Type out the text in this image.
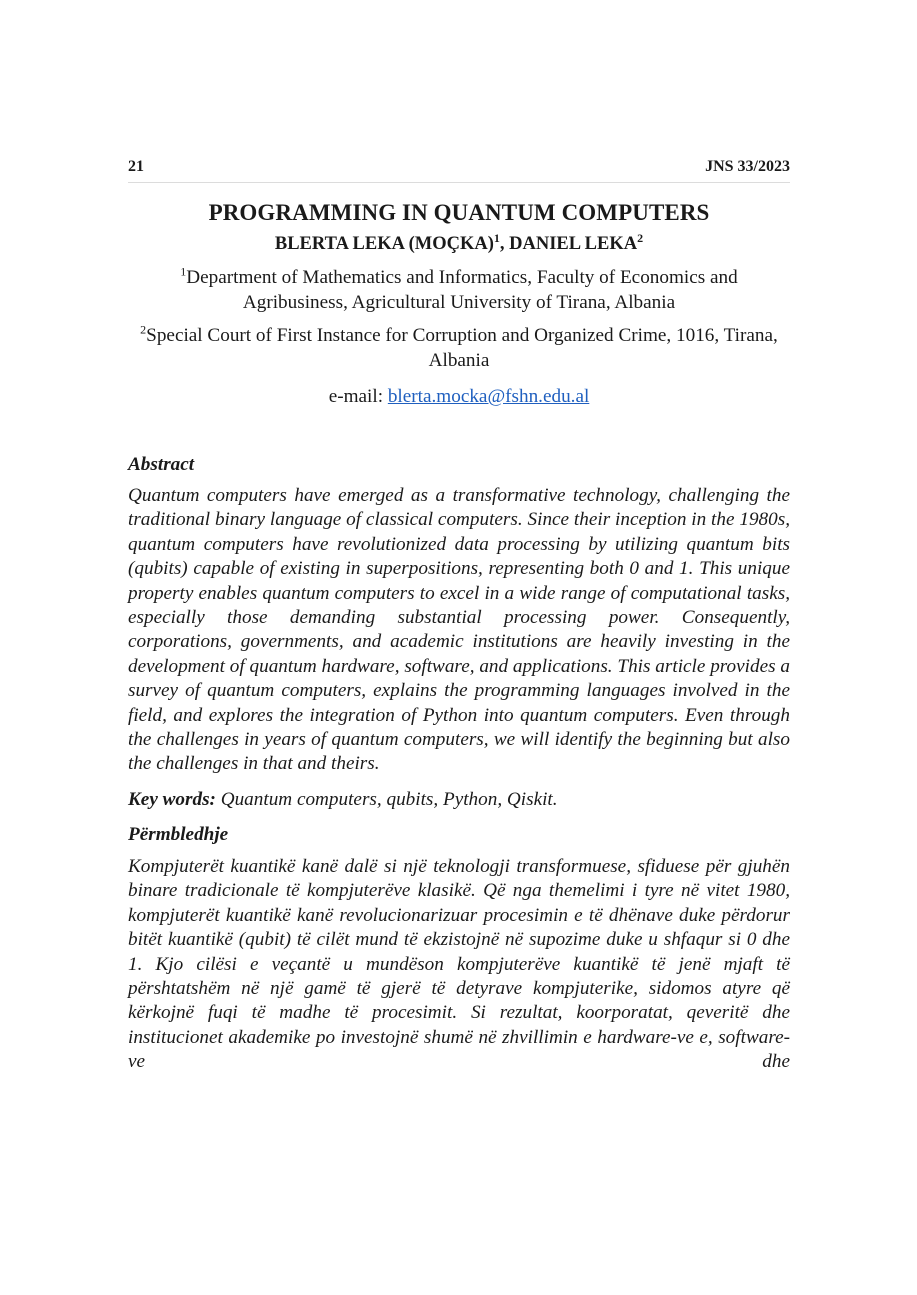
21	JNS 33/2023
PROGRAMMING IN QUANTUM COMPUTERS
BLERTA LEKA (MOÇKA)$^1$, DANIEL LEKA$^2$
$^1$Department of Mathematics and Informatics, Faculty of Economics and Agribusiness, Agricultural University of Tirana, Albania
$^2$Special Court of First Instance for Corruption and Organized Crime, 1016, Tirana, Albania
e-mail: blerta.mocka@fshn.edu.al
Abstract
Quantum computers have emerged as a transformative technology, challenging the traditional binary language of classical computers. Since their inception in the 1980s, quantum computers have revolutionized data processing by utilizing quantum bits (qubits) capable of existing in superpositions, representing both 0 and 1. This unique property enables quantum computers to excel in a wide range of computational tasks, especially those demanding substantial processing power. Consequently, corporations, governments, and academic institutions are heavily investing in the development of quantum hardware, software, and applications. This article provides a survey of quantum computers, explains the programming languages involved in the field, and explores the integration of Python into quantum computers. Even through the challenges in years of quantum computers, we will identify the beginning but also the challenges in that and theirs.
Key words: Quantum computers, qubits, Python, Qiskit.
Përmbledhje
Kompjuterët kuantikë kanë dalë si një teknologji transformuese, sfiduese për gjuhën binare tradicionale të kompjuterëve klasikë. Që nga themelimi i tyre në vitet 1980, kompjuterët kuantikë kanë revolucionarizuar procesimin e të dhënave duke përdorur bitët kuantikë (qubit) të cilët mund të ekzistojnë në supozime duke u shfaqur si 0 dhe 1. Kjo cilësi e veçantë u mundëson kompjuterëve kuantikë të jenë mjaft të përshtatshëm në një gamë të gjerë të detyrave kompjuterike, sidomos atyre që kërkojnë fuqi të madhe të procesimit. Si rezultat, koorporatat, qeveritë dhe institucionet akademike po investojnë shumë në zhvillimin e hardware-ve e, software-ve dhe
